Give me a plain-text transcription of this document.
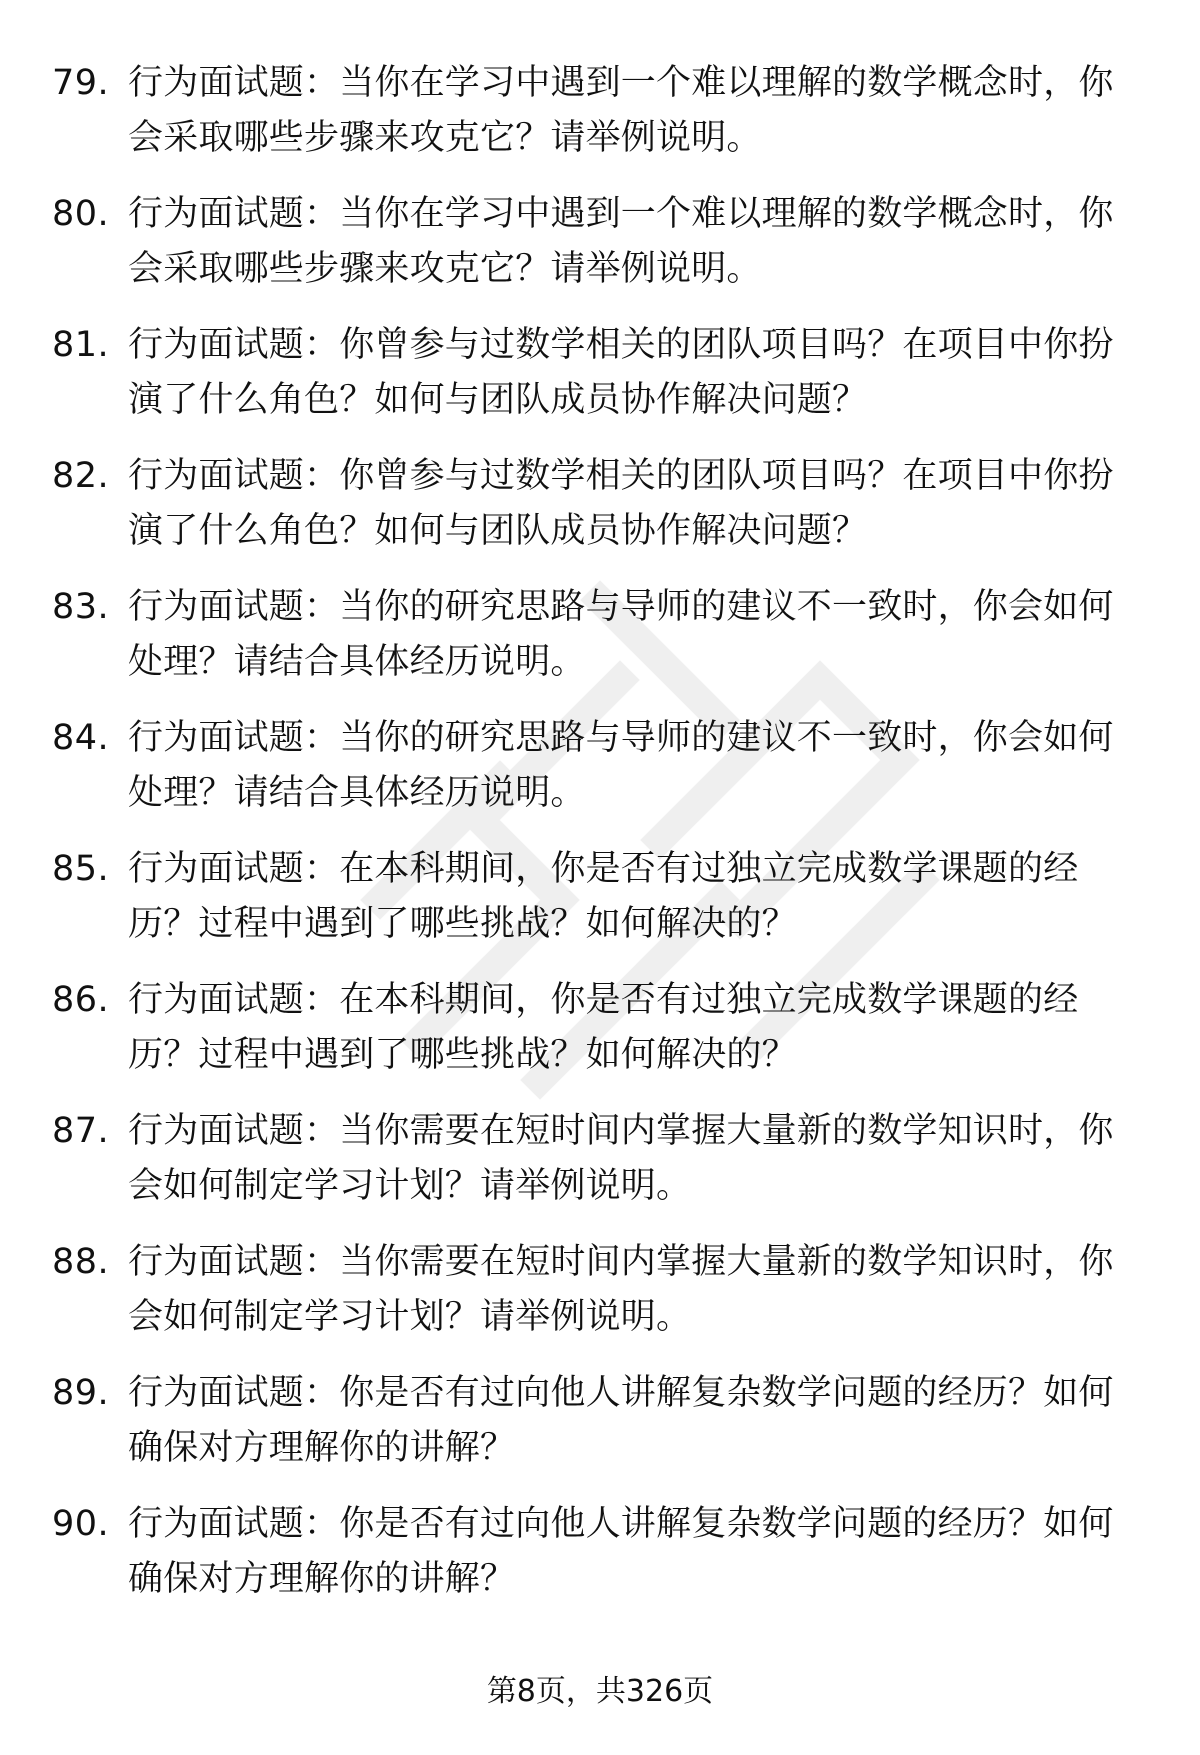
79. 行为面试题：当你在学习中遇到一个难以理解的数学概念时，你会采取哪些步骤来攻克它？请举例说明。
80. 行为面试题：当你在学习中遇到一个难以理解的数学概念时，你会采取哪些步骤来攻克它？请举例说明。
81. 行为面试题：你曾参与过数学相关的团队项目吗？在项目中你扮演了什么角色？如何与团队成员协作解决问题？
82. 行为面试题：你曾参与过数学相关的团队项目吗？在项目中你扮演了什么角色？如何与团队成员协作解决问题？
83. 行为面试题：当你的研究思路与导师的建议不一致时，你会如何处理？请结合具体经历说明。
84. 行为面试题：当你的研究思路与导师的建议不一致时，你会如何处理？请结合具体经历说明。
85. 行为面试题：在本科期间，你是否有过独立完成数学课题的经历？过程中遇到了哪些挑战？如何解决的？
86. 行为面试题：在本科期间，你是否有过独立完成数学课题的经历？过程中遇到了哪些挑战？如何解决的？
87. 行为面试题：当你需要在短时间内掌握大量新的数学知识时，你会如何制定学习计划？请举例说明。
88. 行为面试题：当你需要在短时间内掌握大量新的数学知识时，你会如何制定学习计划？请举例说明。
89. 行为面试题：你是否有过向他人讲解复杂数学问题的经历？如何确保对方理解你的讲解？
90. 行为面试题：你是否有过向他人讲解复杂数学问题的经历？如何确保对方理解你的讲解？
第8页，共326页
